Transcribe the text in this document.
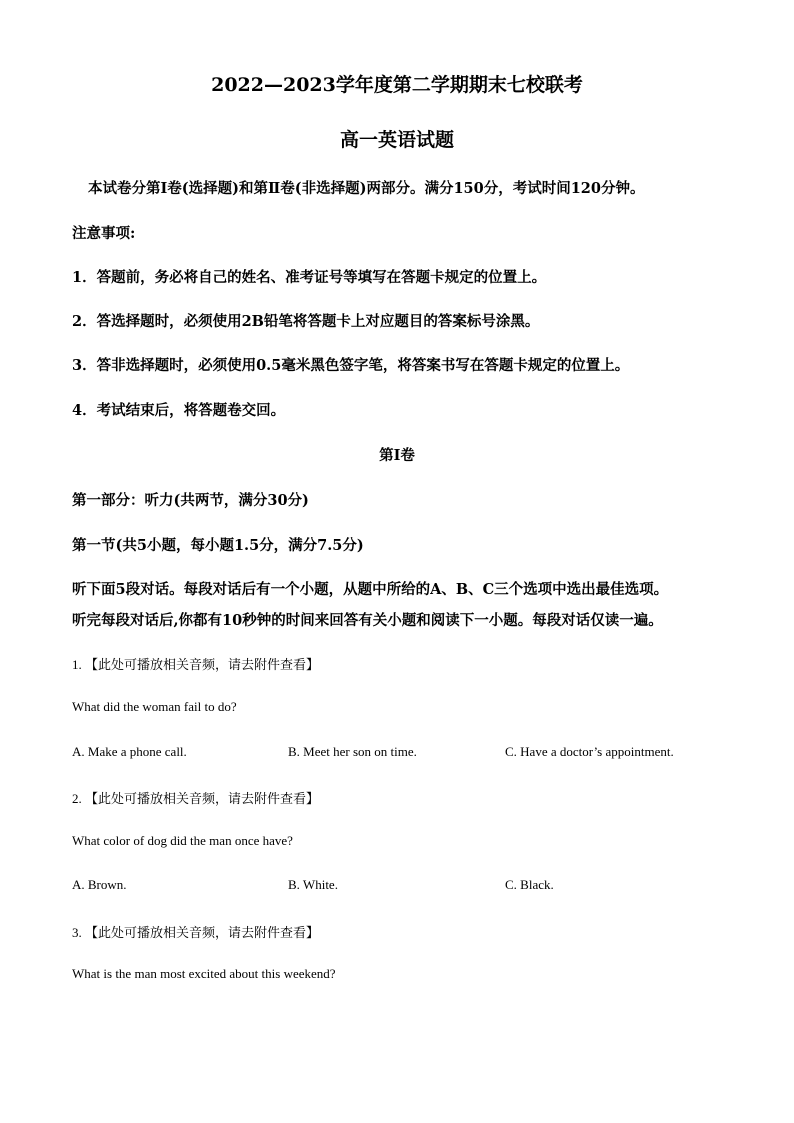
2022—2023学年度第二学期期末七校联考
高一英语试题
本试卷分第Ⅰ卷(选择题)和第Ⅱ卷(非选择题)两部分。满分150分，考试时间120分钟。
注意事项:
1．答题前，务必将自己的姓名、准考证号等填写在答题卡规定的位置上。
2．答选择题时，必须使用2B铅笔将答题卡上对应题目的答案标号涂黑。
3．答非选择题时，必须使用0.5毫米黑色签字笔，将答案书写在答题卡规定的位置上。
4．考试结束后，将答题卷交回。
第Ⅰ卷
第一部分：听力(共两节，满分30分)
第一节(共5小题，每小题1.5分，满分7.5分)
听下面5段对话。每段对话后有一个小题，从题中所给的A、B、C三个选项中选出最佳选项。
听完每段对话后,你都有10秒钟的时间来回答有关小题和阅读下一小题。每段对话仅读一遍。
1. 【此处可播放相关音频，请去附件查看】
What did the woman fail to do?
A. Make a phone call.	B. Meet her son on time.	C. Have a doctor’s appointment.
2. 【此处可播放相关音频，请去附件查看】
What color of dog did the man once have?
A. Brown.	B. White.	C. Black.
3. 【此处可播放相关音频，请去附件查看】
What is the man most excited about this weekend?
